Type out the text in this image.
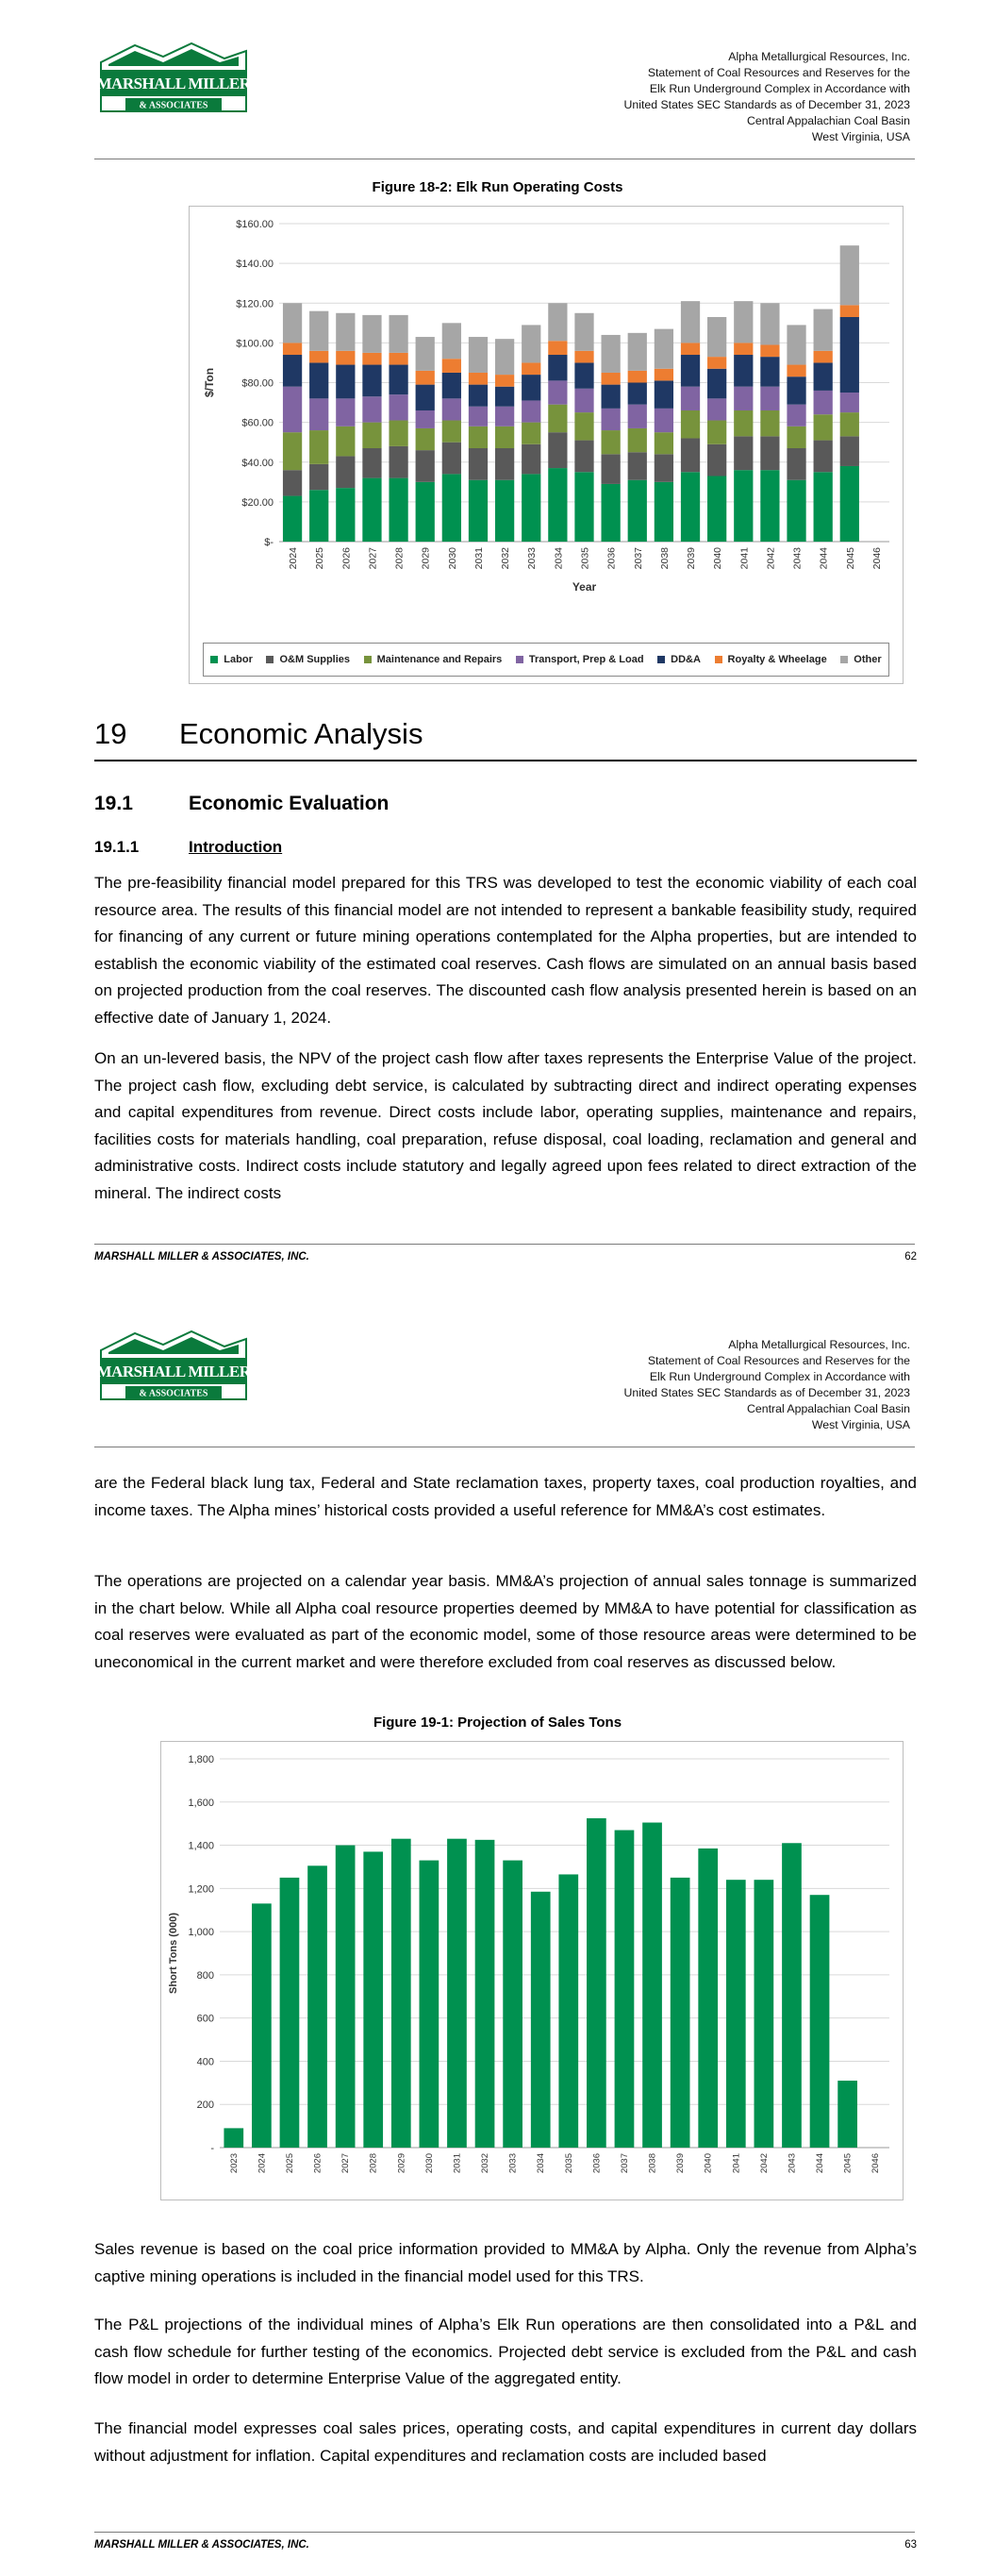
MARSHALL MILLER
& ASSOCIATES
Alpha Metallurgical Resources, Inc.
Statement of Coal Resources and Reserves for the
Elk Run Underground Complex in Accordance with
United States SEC Standards as of December 31, 2023
Central Appalachian Coal Basin
West Virginia, USA
Figure 18-2: Elk Run Operating Costs
$-
$20.00
$40.00
$60.00
$80.00
$100.00
$120.00
$140.00
$160.00
2024 2025 2026 2027 2028 2029 2030 2031 2032 2033 2034 2035 2036 2037 2038 2039 2040 2041 2042 2043 2044 2045 2046
$/Ton
Year
Labor	O&M Supplies	Maintenance and Repairs	Transport, Prep & Load	DD&A	Royalty & Wheelage	Other
19 Economic Analysis
19.1	Economic Evaluation
19.1.1	Introduction

The pre-feasibility financial model prepared for this TRS was developed to test the economic viability of each coal resource area. The results of this financial model are not intended to represent a bankable feasibility study, required for financing of any current or future mining operations contemplated for the Alpha properties, but are intended to establish the economic viability of the estimated coal reserves. Cash flows are simulated on an annual basis based on projected production from the coal reserves. The discounted cash flow analysis presented herein is based on an effective date of January 1, 2024.

On an un-levered basis, the NPV of the project cash flow after taxes represents the Enterprise Value of the project. The project cash flow, excluding debt service, is calculated by subtracting direct and indirect operating expenses and capital expenditures from revenue. Direct costs include labor, operating supplies, maintenance and repairs, facilities costs for materials handling, coal preparation, refuse disposal, coal loading, reclamation and general and administrative costs. Indirect costs include statutory and legally agreed upon fees related to direct extraction of the mineral. The indirect costs

MARSHALL MILLER & ASSOCIATES, INC.	62
MARSHALL MILLER
& ASSOCIATES
Alpha Metallurgical Resources, Inc.
Statement of Coal Resources and Reserves for the
Elk Run Underground Complex in Accordance with
United States SEC Standards as of December 31, 2023
Central Appalachian Coal Basin
West Virginia, USA

are the Federal black lung tax, Federal and State reclamation taxes, property taxes, coal production royalties, and income taxes. The Alpha mines’ historical costs provided a useful reference for MM&A’s cost estimates.

The operations are projected on a calendar year basis. MM&A’s projection of annual sales tonnage is summarized in the chart below. While all Alpha coal resource properties deemed by MM&A to have potential for classification as coal reserves were evaluated as part of the economic model, some of those resource areas were determined to be uneconomical in the current market and were therefore excluded from coal reserves as discussed below.

Figure 19-1: Projection of Sales Tons
-
200
400
600
800
1,000
1,200
1,400
1,600
1,800
2023 2024 2025 2026 2027 2028 2029 2030 2031 2032 2033 2034 2035 2036 2037 2038 2039 2040 2041 2042 2043 2044 2045 2046
Short Tons (000)

Sales revenue is based on the coal price information provided to MM&A by Alpha. Only the revenue from Alpha’s captive mining operations is included in the financial model used for this TRS.

The P&L projections of the individual mines of Alpha’s Elk Run operations are then consolidated into a P&L and cash flow schedule for further testing of the economics. Projected debt service is excluded from the P&L and cash flow model in order to determine Enterprise Value of the aggregated entity.

The financial model expresses coal sales prices, operating costs, and capital expenditures in current day dollars without adjustment for inflation. Capital expenditures and reclamation costs are included based

MARSHALL MILLER & ASSOCIATES, INC.	63
